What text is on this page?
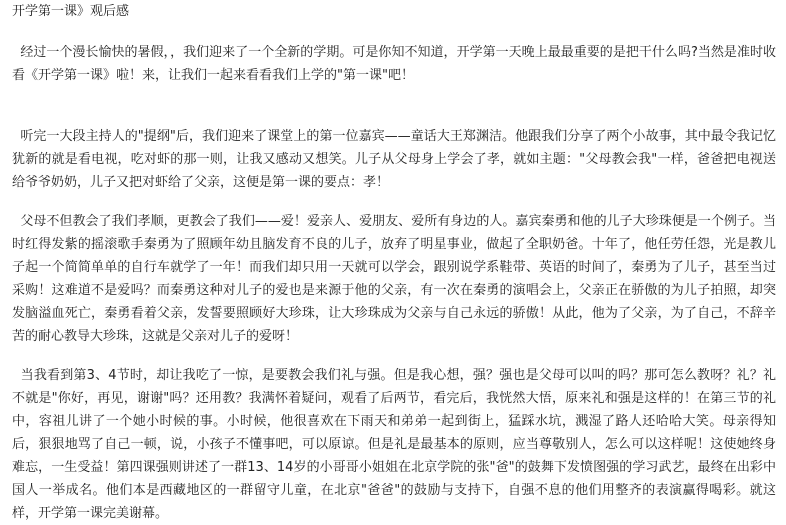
开学第一课》观后感

经过一个漫长愉快的暑假，，我们迎来了一个全新的学期。可是你知不知道，开学第一天晚上最最重要的是把干什么吗?当然是准时收看《开学第一课》啦！来，让我们一起来看看我们上学的"第一课"吧！

听完一大段主持人的"提纲"后，我们迎来了课堂上的第一位嘉宾——童话大王郑渊洁。他跟我们分享了两个小故事，其中最令我记忆犹新的就是看电视，吃对虾的那一则，让我又感动又想笑。儿子从父母身上学会了孝，就如主题："父母教会我"一样，爸爸把电视送给爷爷奶奶，儿子又把对虾给了父亲，这便是第一课的要点：孝！

父母不但教会了我们孝顺，更教会了我们——爱！爱亲人、爱朋友、爱所有身边的人。嘉宾秦勇和他的儿子大珍珠便是一个例子。当时红得发紫的摇滚歌手秦勇为了照顾年幼且脑发育不良的儿子，放弃了明星事业，做起了全职奶爸。十年了，他任劳任怨，光是教儿子起一个简简单单的自行车就学了一年！而我们却只用一天就可以学会，跟别说学系鞋带、英语的时间了，秦勇为了儿子，甚至当过采购！这难道不是爱吗？而秦勇这种对儿子的爱也是来源于他的父亲，有一次在秦勇的演唱会上，父亲正在骄傲的为儿子拍照，却突发脑溢血死亡，秦勇看着父亲，发誓要照顾好大珍珠，让大珍珠成为父亲与自己永远的骄傲！从此，他为了父亲，为了自己，不辞辛苦的耐心教导大珍珠，这就是父亲对儿子的爱呀！

当我看到第3、4节时，却让我吃了一惊，是要教会我们礼与强。但是我心想，强？强也是父母可以叫的吗？那可怎么教呀？礼？礼不就是"你好，再见，谢谢"吗？还用教？我满怀着疑问，观看了后两节，看完后，我恍然大悟，原来礼和强是这样的！在第三节的礼中，容祖儿讲了一个她小时候的事。小时候，他很喜欢在下雨天和弟弟一起到街上，猛踩水坑，溅湿了路人还哈哈大笑。母亲得知后，狠狠地骂了自己一顿，说，小孩子不懂事吧，可以原谅。但是礼是最基本的原则，应当尊敬别人，怎么可以这样呢！这使她终身难忘，一生受益！第四课强则讲述了一群13、14岁的小哥哥小姐姐在北京学院的张"爸"的鼓舞下发愤图强的学习武艺，最终在出彩中国人一举成名。他们本是西藏地区的一群留守儿童，在北京"爸爸"的鼓励与支持下，自强不息的他们用整齐的表演赢得喝彩。就这样，开学第一课完美谢幕。
